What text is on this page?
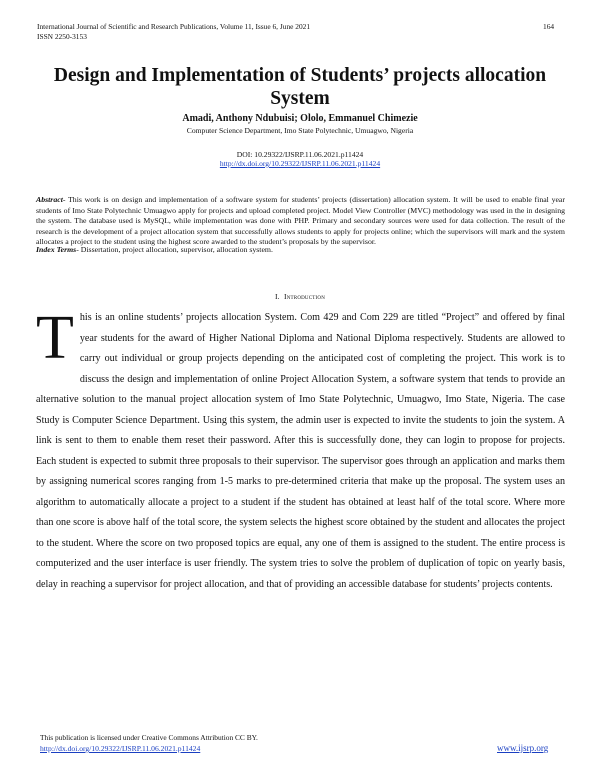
International Journal of Scientific and Research Publications, Volume 11, Issue 6, June 2021
ISSN 2250-3153
164
Design and Implementation of Students’ projects allocation System
Amadi, Anthony Ndubuisi; Ololo, Emmanuel Chimezie
Computer Science Department, Imo State Polytechnic, Umuagwo, Nigeria
DOI: 10.29322/IJSRP.11.06.2021.p11424
http://dx.doi.org/10.29322/IJSRP.11.06.2021.p11424

Abstract- This work is on design and implementation of a software system for students’ projects (dissertation) allocation system. It will be used to enable final year students of Imo State Polytechnic Umuagwo apply for projects and upload completed project. Model View Controller (MVC) methodology was used in the in designing the system. The database used is MySQL, while implementation was done with PHP. Primary and secondary sources were used for data collection. The result of the research is the development of a project allocation system that successfully allows students to apply for projects online; which the supervisors will mark and the system allocates a project to the student using the highest score awarded to the student’s proposals by the supervisor.

Index Terms- Dissertation, project allocation, supervisor, allocation system.

I. Introduction

This is an online students’ projects allocation System. Com 429 and Com 229 are titled “Project” and offered by final year students for the award of Higher National Diploma and National Diploma respectively. Students are allowed to carry out individual or group projects depending on the anticipated cost of completing the project. This work is to discuss the design and implementation of online Project Allocation System, a software system that tends to provide an alternative solution to the manual project allocation system of Imo State Polytechnic, Umuagwo, Imo State, Nigeria. The case Study is Computer Science Department. Using this system, the admin user is expected to invite the students to join the system. A link is sent to them to enable them reset their password. After this is successfully done, they can login to propose for projects. Each student is expected to submit three proposals to their supervisor. The supervisor goes through an application and marks them by assigning numerical scores ranging from 1-5 marks to pre-determined criteria that make up the proposal. The system uses an algorithm to automatically allocate a project to a student if the student has obtained at least half of the total score. Where more than one score is above half of the total score, the system selects the highest score obtained by the student and allocates the project to the student. Where the score on two proposed topics are equal, any one of them is assigned to the student. The entire process is computerized and the user interface is user friendly. The system tries to solve the problem of duplication of topic on yearly basis, delay in reaching a supervisor for project allocation, and that of providing an accessible database for students’ projects contents.

This publication is licensed under Creative Commons Attribution CC BY.
http://dx.doi.org/10.29322/IJSRP.11.06.2021.p11424	www.ijsrp.org
